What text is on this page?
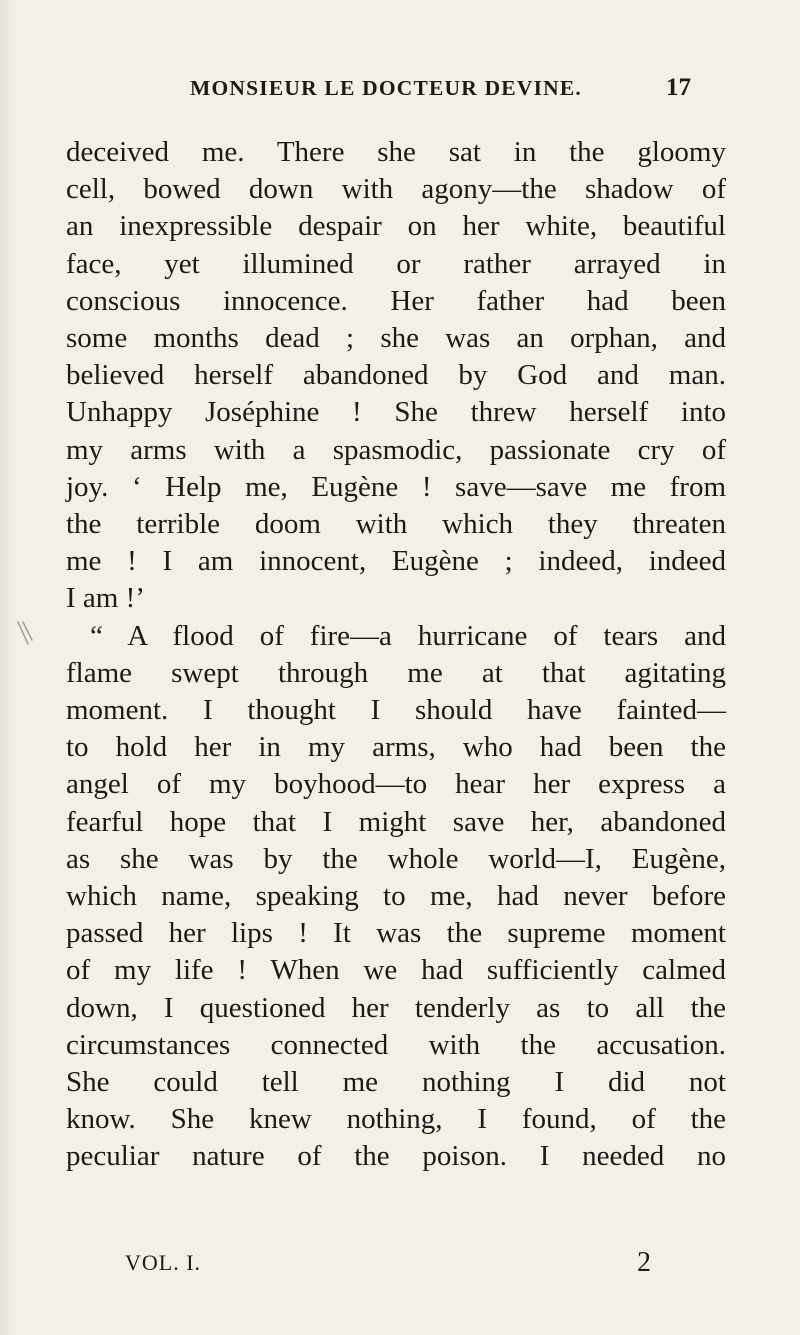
MONSIEUR LE DOCTEUR DEVINE.	17
deceived me. There she sat in the gloomy
cell, bowed down with agony—the shadow of
an inexpressible despair on her white, beautiful
face, yet illumined or rather arrayed in
conscious innocence. Her father had been
some months dead ; she was an orphan, and
believed herself abandoned by God and man.
Unhappy Joséphine ! She threw herself into
my arms with a spasmodic, passionate cry of
joy. ‘ Help me, Eugène ! save—save me from
the terrible doom with which they threaten
me ! I am innocent, Eugène ; indeed, indeed
I am !’
“ A flood of fire—a hurricane of tears and
flame swept through me at that agitating
moment. I thought I should have fainted—
to hold her in my arms, who had been the
angel of my boyhood—to hear her express a
fearful hope that I might save her, abandoned
as she was by the whole world—I, Eugène,
which name, speaking to me, had never before
passed her lips ! It was the supreme moment
of my life ! When we had sufficiently calmed
down, I questioned her tenderly as to all the
circumstances connected with the accusation.
She could tell me nothing I did not
know. She knew nothing, I found, of the
peculiar nature of the poison. I needed no
VOL. I.	2
